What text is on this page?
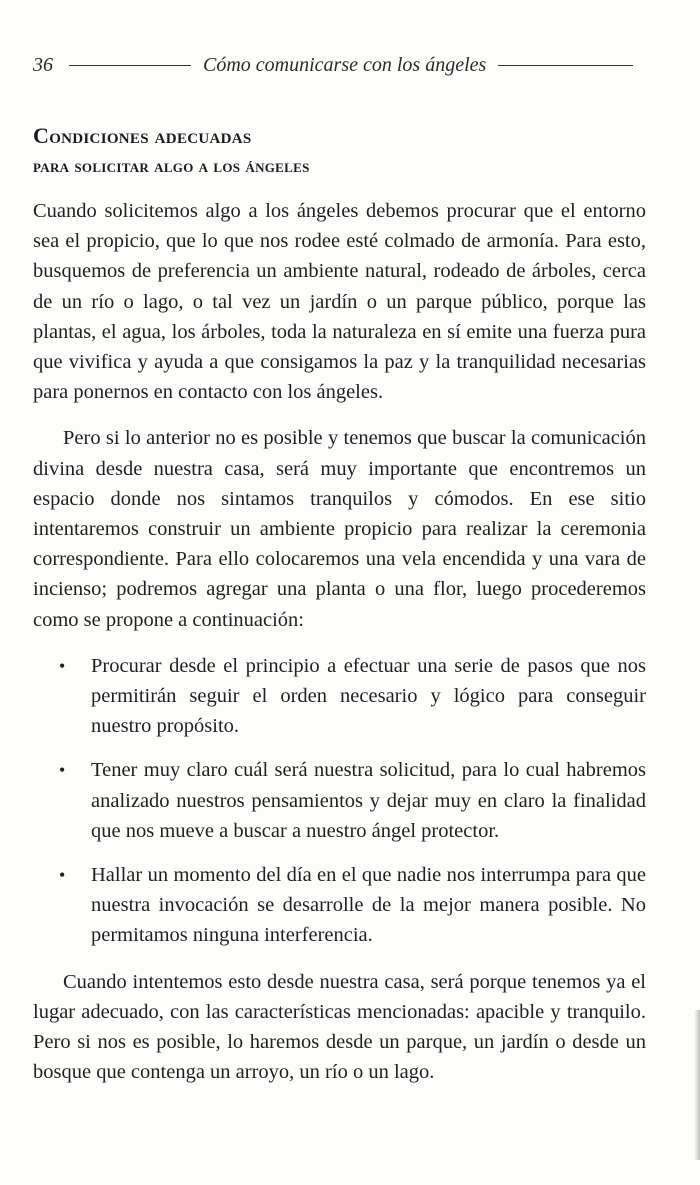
36	Cómo comunicarse con los ángeles
Condiciones adecuadas
para solicitar algo a los ángeles

Cuando solicitemos algo a los ángeles debemos procurar que el entorno sea el propicio, que lo que nos rodee esté colmado de armonía. Para esto, busquemos de preferencia un ambiente natural, rodeado de árboles, cerca de un río o lago, o tal vez un jardín o un parque público, porque las plantas, el agua, los árboles, toda la naturaleza en sí emite una fuerza pura que vivifica y ayuda a que consigamos la paz y la tranquilidad necesarias para ponernos en contacto con los ángeles.

Pero si lo anterior no es posible y tenemos que buscar la comunicación divina desde nuestra casa, será muy importante que encontremos un espacio donde nos sintamos tranquilos y cómodos. En ese sitio intentaremos construir un ambiente propicio para realizar la ceremonia correspondiente. Para ello colocaremos una vela encendida y una vara de incienso; podremos agregar una planta o una flor, luego procederemos como se propone a continuación:

• Procurar desde el principio a efectuar una serie de pasos que nos permitirán seguir el orden necesario y lógico para conseguir nuestro propósito.
• Tener muy claro cuál será nuestra solicitud, para lo cual habremos analizado nuestros pensamientos y dejar muy en claro la finalidad que nos mueve a buscar a nuestro ángel protector.
• Hallar un momento del día en el que nadie nos interrumpa para que nuestra invocación se desarrolle de la mejor manera posible. No permitamos ninguna interferencia.

Cuando intentemos esto desde nuestra casa, será porque tenemos ya el lugar adecuado, con las características mencionadas: apacible y tranquilo. Pero si nos es posible, lo haremos desde un parque, un jardín o desde un bosque que contenga un arroyo, un río o un lago.
